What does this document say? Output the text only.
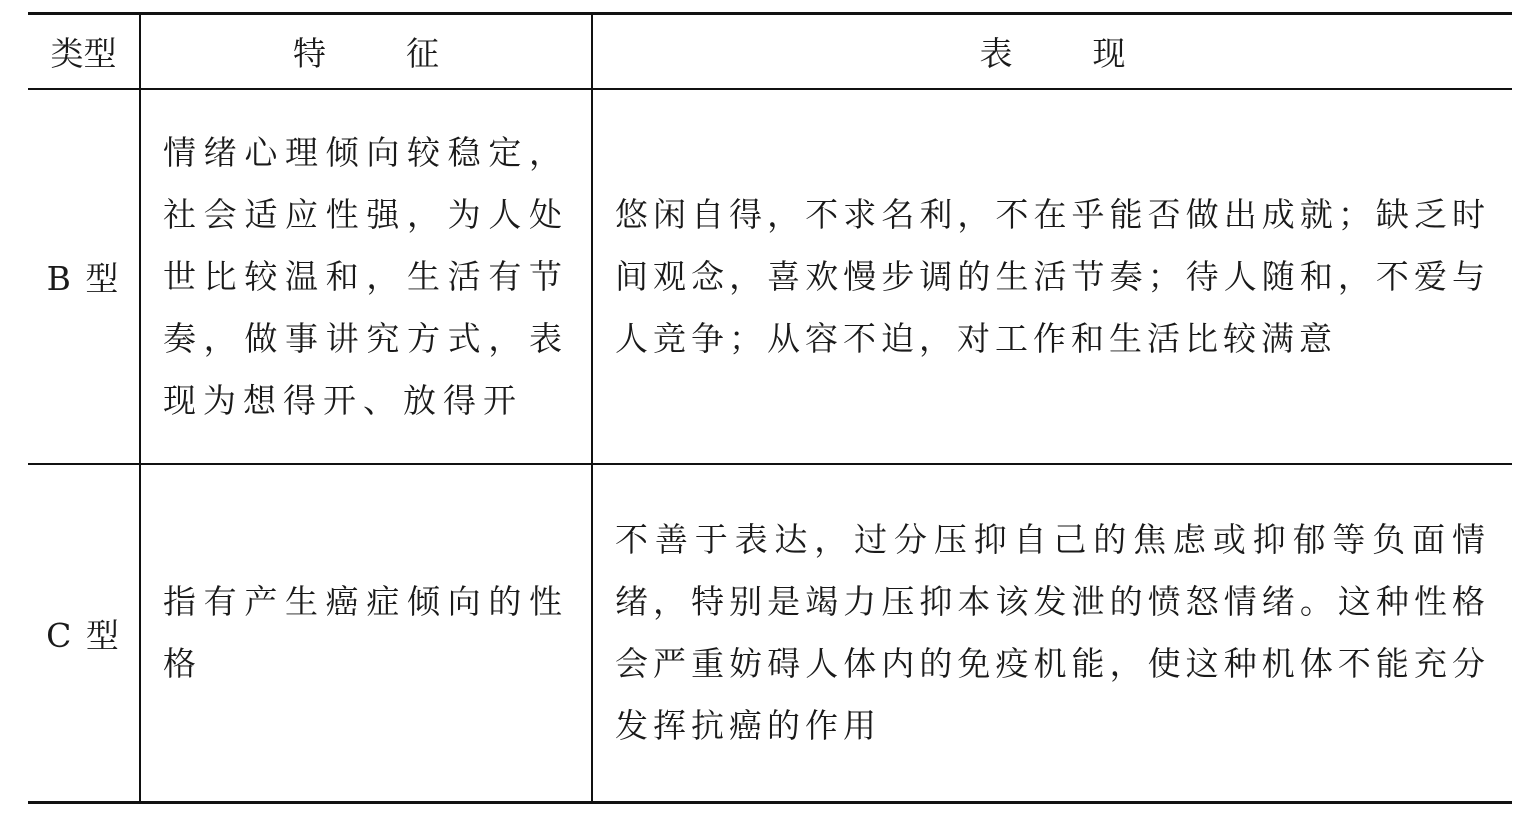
类型	特征	表现
B 型	情绪心理倾向较稳定，社会适应性强，为人处世比较温和，生活有节奏，做事讲究方式，表现为想得开、放得开	悠闲自得，不求名利，不在乎能否做出成就；缺乏时间观念，喜欢慢步调的生活节奏；待人随和，不爱与人竞争；从容不迫，对工作和生活比较满意
C 型	指有产生癌症倾向的性格	不善于表达，过分压抑自己的焦虑或抑郁等负面情绪，特别是竭力压抑本该发泄的愤怒情绪。这种性格会严重妨碍人体内的免疫机能，使这种机体不能充分发挥抗癌的作用
